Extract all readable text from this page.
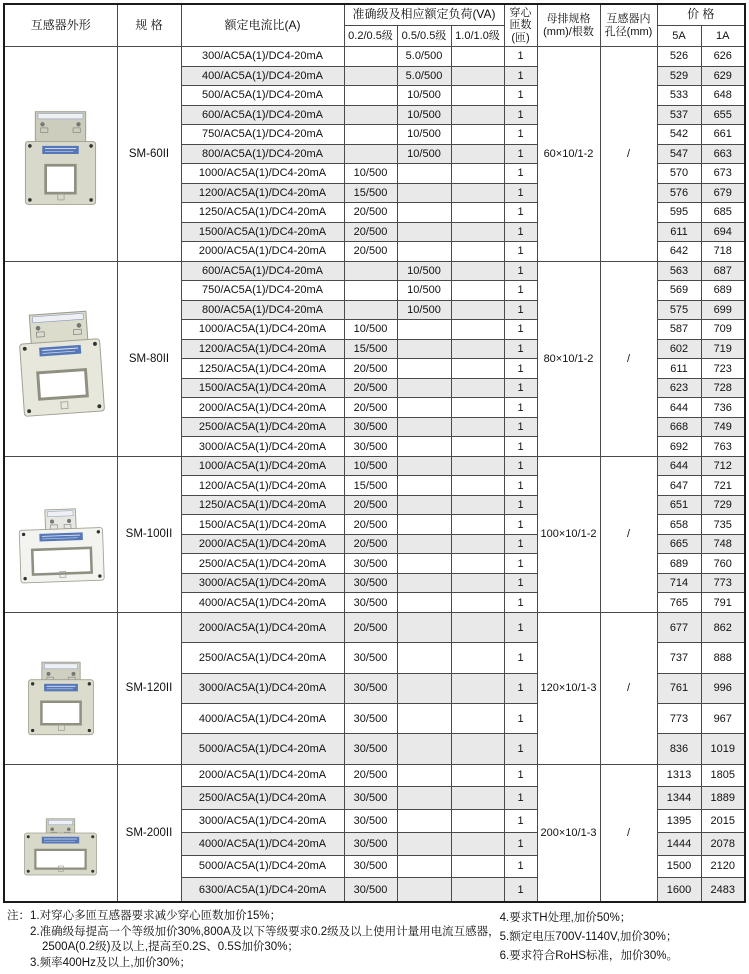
互感器外形	规 格	额定电流比(A)	准确级及相应额定负荷(VA)			穿心匝数(匝)	母排规格(mm)/根数	互感器内孔径(mm)	价 格	
			0.2/0.5级	0.5/0.5级	1.0/1.0级				5A	1A

	SM-60II	300/AC5A(1)/DC4-20mA		5.0/500		1	60×10/1-2	/	526	626
		400/AC5A(1)/DC4-20mA		5.0/500		1			529	629
		500/AC5A(1)/DC4-20mA		10/500		1			533	648
		600/AC5A(1)/DC4-20mA		10/500		1			537	655
		750/AC5A(1)/DC4-20mA		10/500		1			542	661
		800/AC5A(1)/DC4-20mA		10/500		1			547	663
		1000/AC5A(1)/DC4-20mA	10/500			1			570	673
		1200/AC5A(1)/DC4-20mA	15/500			1			576	679
		1250/AC5A(1)/DC4-20mA	20/500			1			595	685
		1500/AC5A(1)/DC4-20mA	20/500			1			611	694
		2000/AC5A(1)/DC4-20mA	20/500			1			642	718

	SM-80II	600/AC5A(1)/DC4-20mA		10/500		1	80×10/1-2	/	563	687
		750/AC5A(1)/DC4-20mA		10/500		1			569	689
		800/AC5A(1)/DC4-20mA		10/500		1			575	699
		1000/AC5A(1)/DC4-20mA	10/500			1			587	709
		1200/AC5A(1)/DC4-20mA	15/500			1			602	719
		1250/AC5A(1)/DC4-20mA	20/500			1			611	723
		1500/AC5A(1)/DC4-20mA	20/500			1			623	728
		2000/AC5A(1)/DC4-20mA	20/500			1			644	736
		2500/AC5A(1)/DC4-20mA	30/500			1			668	749
		3000/AC5A(1)/DC4-20mA	30/500			1			692	763

	SM-100II	1000/AC5A(1)/DC4-20mA	10/500			1	100×10/1-2	/	644	712
		1200/AC5A(1)/DC4-20mA	15/500			1			647	721
		1250/AC5A(1)/DC4-20mA	20/500			1			651	729
		1500/AC5A(1)/DC4-20mA	20/500			1			658	735
		2000/AC5A(1)/DC4-20mA	20/500			1			665	748
		2500/AC5A(1)/DC4-20mA	30/500			1			689	760
		3000/AC5A(1)/DC4-20mA	30/500			1			714	773
		4000/AC5A(1)/DC4-20mA	30/500			1			765	791

	SM-120II	2000/AC5A(1)/DC4-20mA	20/500			1	120×10/1-3	/	677	862
		2500/AC5A(1)/DC4-20mA	30/500			1			737	888
		3000/AC5A(1)/DC4-20mA	30/500			1			761	996
		4000/AC5A(1)/DC4-20mA	30/500			1			773	967
		5000/AC5A(1)/DC4-20mA	30/500			1			836	1019

	SM-200II	2000/AC5A(1)/DC4-20mA	20/500			1	200×10/1-3	/	1313	1805
		2500/AC5A(1)/DC4-20mA	30/500			1			1344	1889
		3000/AC5A(1)/DC4-20mA	30/500			1			1395	2015
		4000/AC5A(1)/DC4-20mA	30/500			1			1444	2078
		5000/AC5A(1)/DC4-20mA	30/500			1			1500	2120
		6300/AC5A(1)/DC4-20mA	30/500			1			1600	2483
注： 1.对穿心多匝互感器要求减少穿心匝数加价15%；
2.准确级每提高一个等级加价30%,800A及以下等级要求0.2级及以上使用计量用电流互感器，
2500A(0.2级)及以上,提高至0.2S、0.5S加价30%；
3.频率400Hz及以上,加价30%；
4.要求TH处理,加价50%；
5.额定电压700V-1140V,加价30%；
6.要求符合RoHS标准，加价30%。
